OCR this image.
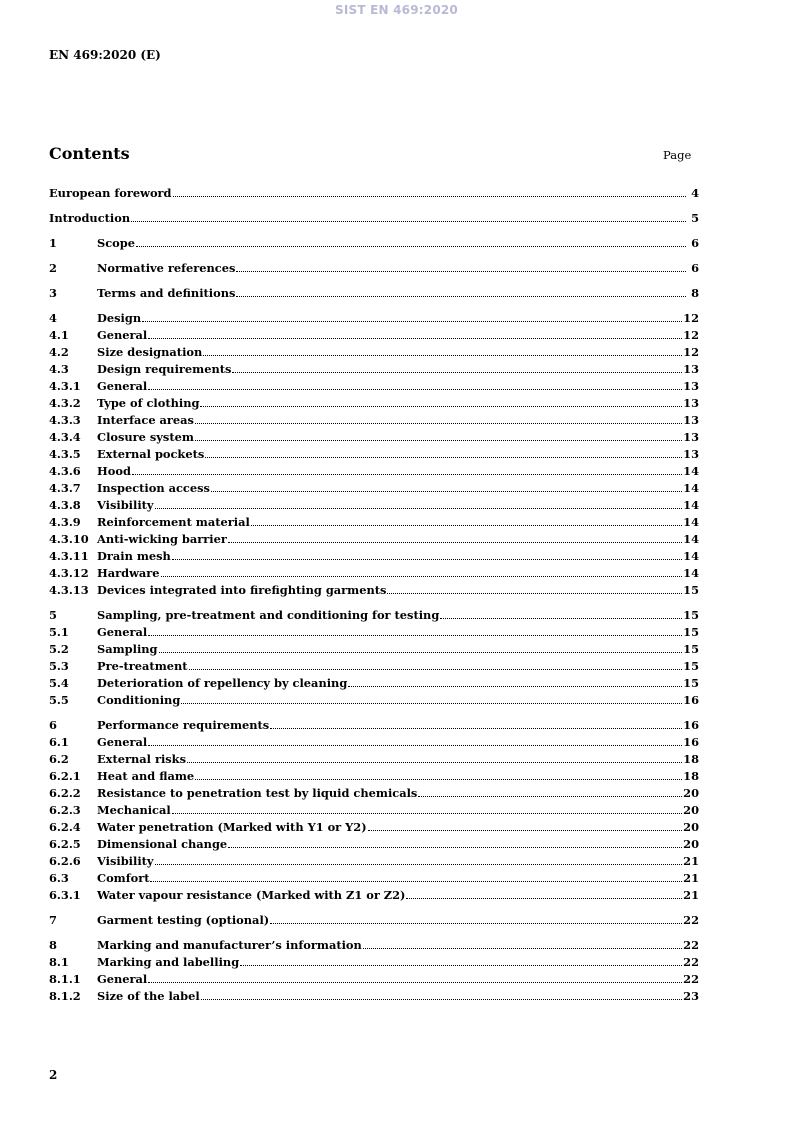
SIST EN 469:2020
EN 469:2020 (E)
Contents	Page
European foreword	4
Introduction	5
1	Scope	6
2	Normative references	6
3	Terms and definitions	8
4	Design	12
4.1	General	12
4.2	Size designation	12
4.3	Design requirements	13
4.3.1	General	13
4.3.2	Type of clothing	13
4.3.3	Interface areas	13
4.3.4	Closure system	13
4.3.5	External pockets	13
4.3.6	Hood	14
4.3.7	Inspection access	14
4.3.8	Visibility	14
4.3.9	Reinforcement material	14
4.3.10 Anti-wicking barrier	14
4.3.11 Drain mesh	14
4.3.12 Hardware	14
4.3.13 Devices integrated into firefighting garments	15
5	Sampling, pre-treatment and conditioning for testing	15
5.1	General	15
5.2	Sampling	15
5.3	Pre-treatment	15
5.4	Deterioration of repellency by cleaning	15
5.5	Conditioning	16
6	Performance requirements	16
6.1	General	16
6.2	External risks	18
6.2.1	Heat and flame	18
6.2.2	Resistance to penetration test by liquid chemicals	20
6.2.3	Mechanical	20
6.2.4	Water penetration (Marked with Y1 or Y2)	20
6.2.5	Dimensional change	20
6.2.6	Visibility	21
6.3	Comfort	21
6.3.1	Water vapour resistance (Marked with Z1 or Z2)	21
7	Garment testing (optional)	22
8	Marking and manufacturer’s information	22
8.1	Marking and labelling	22
8.1.1	General	22
8.1.2	Size of the label	23
2
